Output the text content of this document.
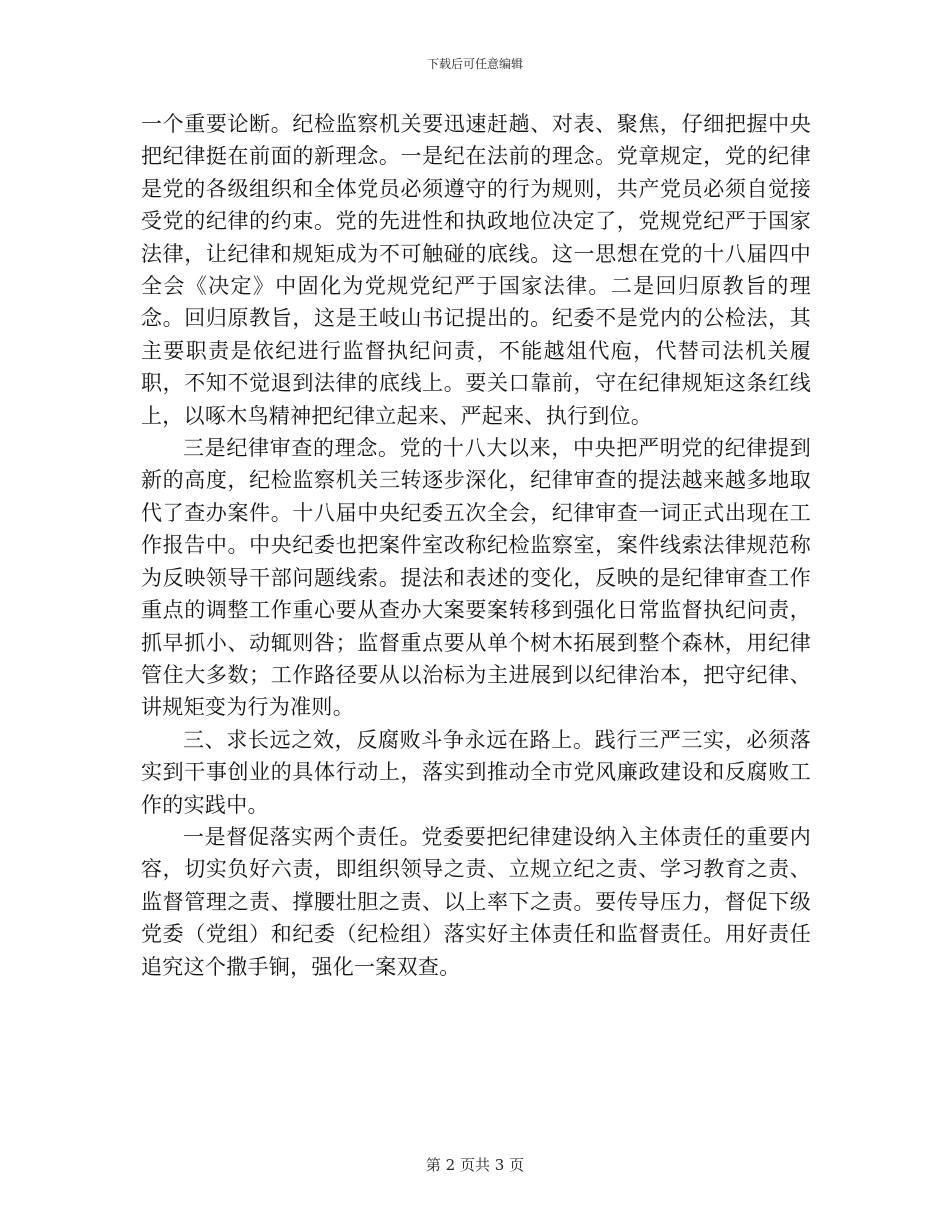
下载后可任意编辑

一个重要论断。纪检监察机关要迅速赶趟、对表、聚焦，仔细把握中央把纪律挺在前面的新理念。一是纪在法前的理念。党章规定，党的纪律是党的各级组织和全体党员必须遵守的行为规则，共产党员必须自觉接受党的纪律的约束。党的先进性和执政地位决定了，党规党纪严于国家法律，让纪律和规矩成为不可触碰的底线。这一思想在党的十八届四中全会《决定》中固化为党规党纪严于国家法律。二是回归原教旨的理念。回归原教旨，这是王岐山书记提出的。纪委不是党内的公检法，其主要职责是依纪进行监督执纪问责，不能越俎代庖，代替司法机关履职，不知不觉退到法律的底线上。要关口靠前，守在纪律规矩这条红线上，以啄木鸟精神把纪律立起来、严起来、执行到位。

三是纪律审查的理念。党的十八大以来，中央把严明党的纪律提到新的高度，纪检监察机关三转逐步深化，纪律审查的提法越来越多地取代了查办案件。十八届中央纪委五次全会，纪律审查一词正式出现在工作报告中。中央纪委也把案件室改称纪检监察室，案件线索法律规范称为反映领导干部问题线索。提法和表述的变化，反映的是纪律审查工作重点的调整工作重心要从查办大案要案转移到强化日常监督执纪问责，抓早抓小、动辄则咎；监督重点要从单个树木拓展到整个森林，用纪律管住大多数；工作路径要从以治标为主进展到以纪律治本，把守纪律、讲规矩变为行为准则。

三、求长远之效，反腐败斗争永远在路上。践行三严三实，必须落实到干事创业的具体行动上，落实到推动全市党风廉政建设和反腐败工作的实践中。

一是督促落实两个责任。党委要把纪律建设纳入主体责任的重要内容，切实负好六责，即组织领导之责、立规立纪之责、学习教育之责、监督管理之责、撑腰壮胆之责、以上率下之责。要传导压力，督促下级党委（党组）和纪委（纪检组）落实好主体责任和监督责任。用好责任追究这个撒手锏，强化一案双查。

第 2 页共 3 页
